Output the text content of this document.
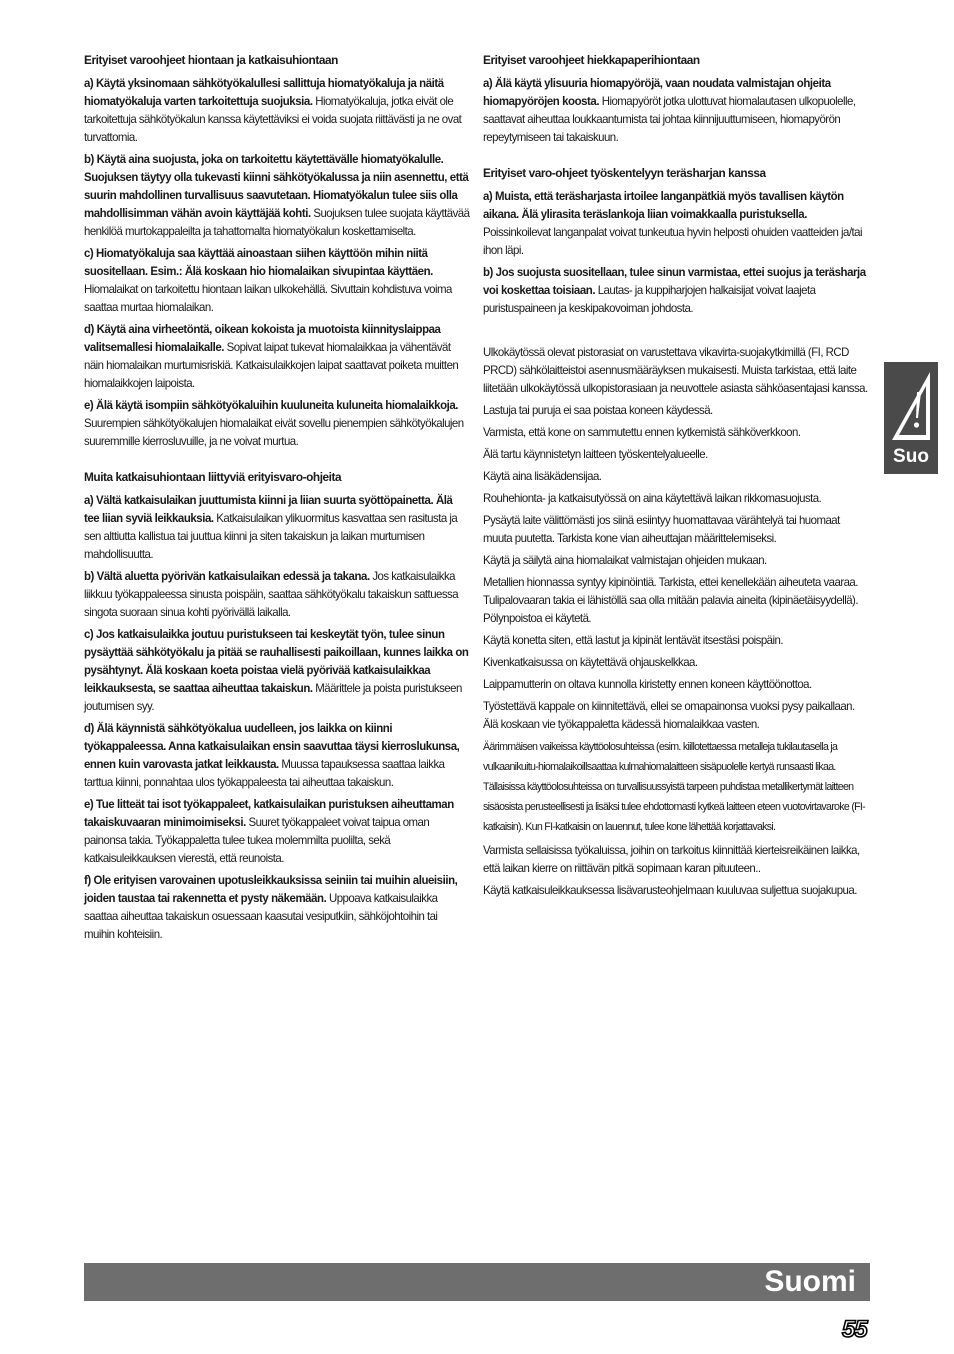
Erityiset varoohjeet hiontaan ja katkaisuhiontaan

a) Käytä yksinomaan sähkötyökalullesi sallittuja hiomatyökaluja ja näitä hiomatyökaluja varten tarkoitettuja suojuksia. Hiomatyökaluja, jotka eivät ole tarkoitettuja sähkötyökalun kanssa käytettäviksi ei voida suojata riittävästi ja ne ovat turvattomia.

b) Käytä aina suojusta, joka on tarkoitettu käytettävälle hiomatyökalulle. Suojuksen täytyy olla tukevasti kiinni sähkötyökalussa ja niin asennettu, että suurin mahdollinen turvallisuus saavutetaan. Hiomatyökalun tulee siis olla mahdollisimman vähän avoin käyttäjää kohti. Suojuksen tulee suojata käyttävää henkilöä murtokappaleilta ja tahattomalta hiomatyökalun koskettamiselta.

c) Hiomatyökaluja saa käyttää ainoastaan siihen käyttöön mihin niitä suositellaan. Esim.: Älä koskaan hio hiomalaikan sivupintaa käyttäen. Hiomalaikat on tarkoitettu hiontaan laikan ulkokehällä. Sivuttain kohdistuva voima saattaa murtaa hiomalaikan.

d) Käytä aina virheetöntä, oikean kokoista ja muotoista kiinnityslaippaa valitsemallesi hiomalaikalle. Sopivat laipat tukevat hiomalaikkaa ja vähentävät näin hiomalaikan murtumisriskiä. Katkaisulaikkojen laipat saattavat poiketa muitten hiomalaikkojen laipoista.

e) Älä käytä isompiin sähkötyökaluihin kuuluneita kuluneita hiomalaikkoja. Suurempien sähkötyökalujen hiomalaikat eivät sovellu pienempien sähkötyökalujen suuremmille kierrosluvuille, ja ne voivat murtua.

Muita katkaisuhiontaan liittyviä erityisvaro-ohjeita

a) Vältä katkaisulaikan juuttumista kiinni ja liian suurta syöttöpainetta. Älä tee liian syviä leikkauksia. Katkaisulaikan ylikuormitus kasvattaa sen rasitusta ja sen alttiutta kallistua tai juuttua kiinni ja siten takaiskun ja laikan murtumisen mahdollisuutta.

b) Vältä aluetta pyörivän katkaisulaikan edessä ja takana. Jos katkaisulaikka liikkuu työkappaleessa sinusta poispäin, saattaa sähkötyökalu takaiskun sattuessa singota suoraan sinua kohti pyörivällä laikalla.

c) Jos katkaisulaikka joutuu puristukseen tai keskeytät työn, tulee sinun pysäyttää sähkötyökalu ja pitää se rauhallisesti paikoillaan, kunnes laikka on pysähtynyt. Älä koskaan koeta poistaa vielä pyörivää katkaisulaikkaa leikkauksesta, se saattaa aiheuttaa takaiskun. Määrittele ja poista puristukseen joutumisen syy.

d) Älä käynnistä sähkötyökalua uudelleen, jos laikka on kiinni työkappaleessa. Anna katkaisulaikan ensin saavuttaa täysi kierroslukunsa, ennen kuin varovasta jatkat leikkausta. Muussa tapauksessa saattaa laikka tarttua kiinni, ponnahtaa ulos työkappaleesta tai aiheuttaa takaiskun.

e) Tue litteät tai isot työkappaleet, katkaisulaikan puristuksen aiheuttaman takaiskuvaaran minimoimiseksi. Suuret työkappaleet voivat taipua oman painonsa takia. Työkappaletta tulee tukea molemmilta puolilta, sekä katkaisuleikkauksen vierestä, että reunoista.

f) Ole erityisen varovainen upotusleikkauksissa seiniin tai muihin alueisiin, joiden taustaa tai rakennetta et pysty näkemään. Uppoava katkaisulaikka saattaa aiheuttaa takaiskun osuessaan kaasutai vesiputkiin, sähköjohtoihin tai muihin kohteisiin.

Erityiset varoohjeet hiekkapaperihiontaan

a) Älä käytä ylisuuria hiomapyöröjä, vaan noudata valmistajan ohjeita hiomapyöröjen koosta. Hiomapyöröt jotka ulottuvat hiomalautasen ulkopuolelle, saattavat aiheuttaa loukkaantumista tai johtaa kiinnijuuttumiseen, hiomapyörön repeytymiseen tai takaiskuun.

Erityiset varo-ohjeet työskentelyyn teräsharjan kanssa

a) Muista, että teräsharjasta irtoilee langanpätkiä myös tavallisen käytön aikana. Älä ylirasita teräslankoja liian voimakkaalla puristuksella. Poissinkoilevat langanpalat voivat tunkeutua hyvin helposti ohuiden vaatteiden ja/tai ihon läpi.

b) Jos suojusta suositellaan, tulee sinun varmistaa, ettei suojus ja teräsharja voi koskettaa toisiaan. Lautas- ja kuppiharjojen halkaisijat voivat laajeta puristuspaineen ja keskipakovoiman johdosta.

Ulkokäytössä olevat pistorasiat on varustettava vikavirta-suojakytkimillä (FI, RCD PRCD) sähkölaitteistoi asennusmääräyksen mukaisesti. Muista tarkistaa, että laite liitetään ulkokäytössä ulkopistorasiaan ja neuvottele asiasta sähköasentajasi kanssa.

Lastuja tai puruja ei saa poistaa koneen käydessä.

Varmista, että kone on sammutettu ennen kytkemistä sähköverkkoon.

Älä tartu käynnistetyn laitteen työskentelyalueelle.

Käytä aina lisäkädensijaa.

Rouhehionta- ja katkaisutyössä on aina käytettävä laikan rikkomasuojusta.

Pysäytä laite välittömästi jos siinä esiintyy huomattavaa värähtelyä tai huomaat muuta puutetta. Tarkista kone vian aiheuttajan määrittelemiseksi.

Käytä ja säilytä aina hiomalaikat valmistajan ohjeiden mukaan.

Metallien hionnassa syntyy kipinöintiä. Tarkista, ettei kenellekään aiheuteta vaaraa. Tulipalovaaran takia ei lähistöllä saa olla mitään palavia aineita (kipinäetäisyydellä). Pölynpoistoa ei käytetä.

Käytä konetta siten, että lastut ja kipinät lentävät itsestäsi poispäin.

Kivenkatkaisussa on käytettävä ohjauskelkkaa.

Laippamutterin on oltava kunnolla kiristetty ennen koneen käyttöönottoa.

Työstettävä kappale on kiinnitettävä, ellei se omapainonsa vuoksi pysy paikallaan. Älä koskaan vie työkappaletta kädessä hiomalaikkaa vasten.

Äärimmäisen vaikeissa käyttöolosuhteissa (esim. kiillotettaessa metalleja tukilautasella ja vulkaanikuitu-hiomalaikoillsaattaa kulmahiomalaitteen sisäpuolelle kertyä runsaasti likaa. Tällaisissa käyttöolosuhteissa on turvallisuussyistä tarpeen puhdistaa metallikertymät laitteen sisäosista perusteellisesti ja lisäksi tulee ehdottomasti kytkeä laitteen eteen vuotovirtavaroke (FI-katkaisin). Kun FI-katkaisin on lauennut, tulee kone lähettää korjattavaksi.

Varmista sellaisissa työkaluissa, joihin on tarkoitus kiinnittää kierteisreikäinen laikka, että laikan kierre on riittävän pitkä sopimaan karan pituuteen..

Käytä katkaisuleikkauksessa lisävarusteohjelmaan kuuluvaa suljettua suojakupua.

Suo
Suomi
55
